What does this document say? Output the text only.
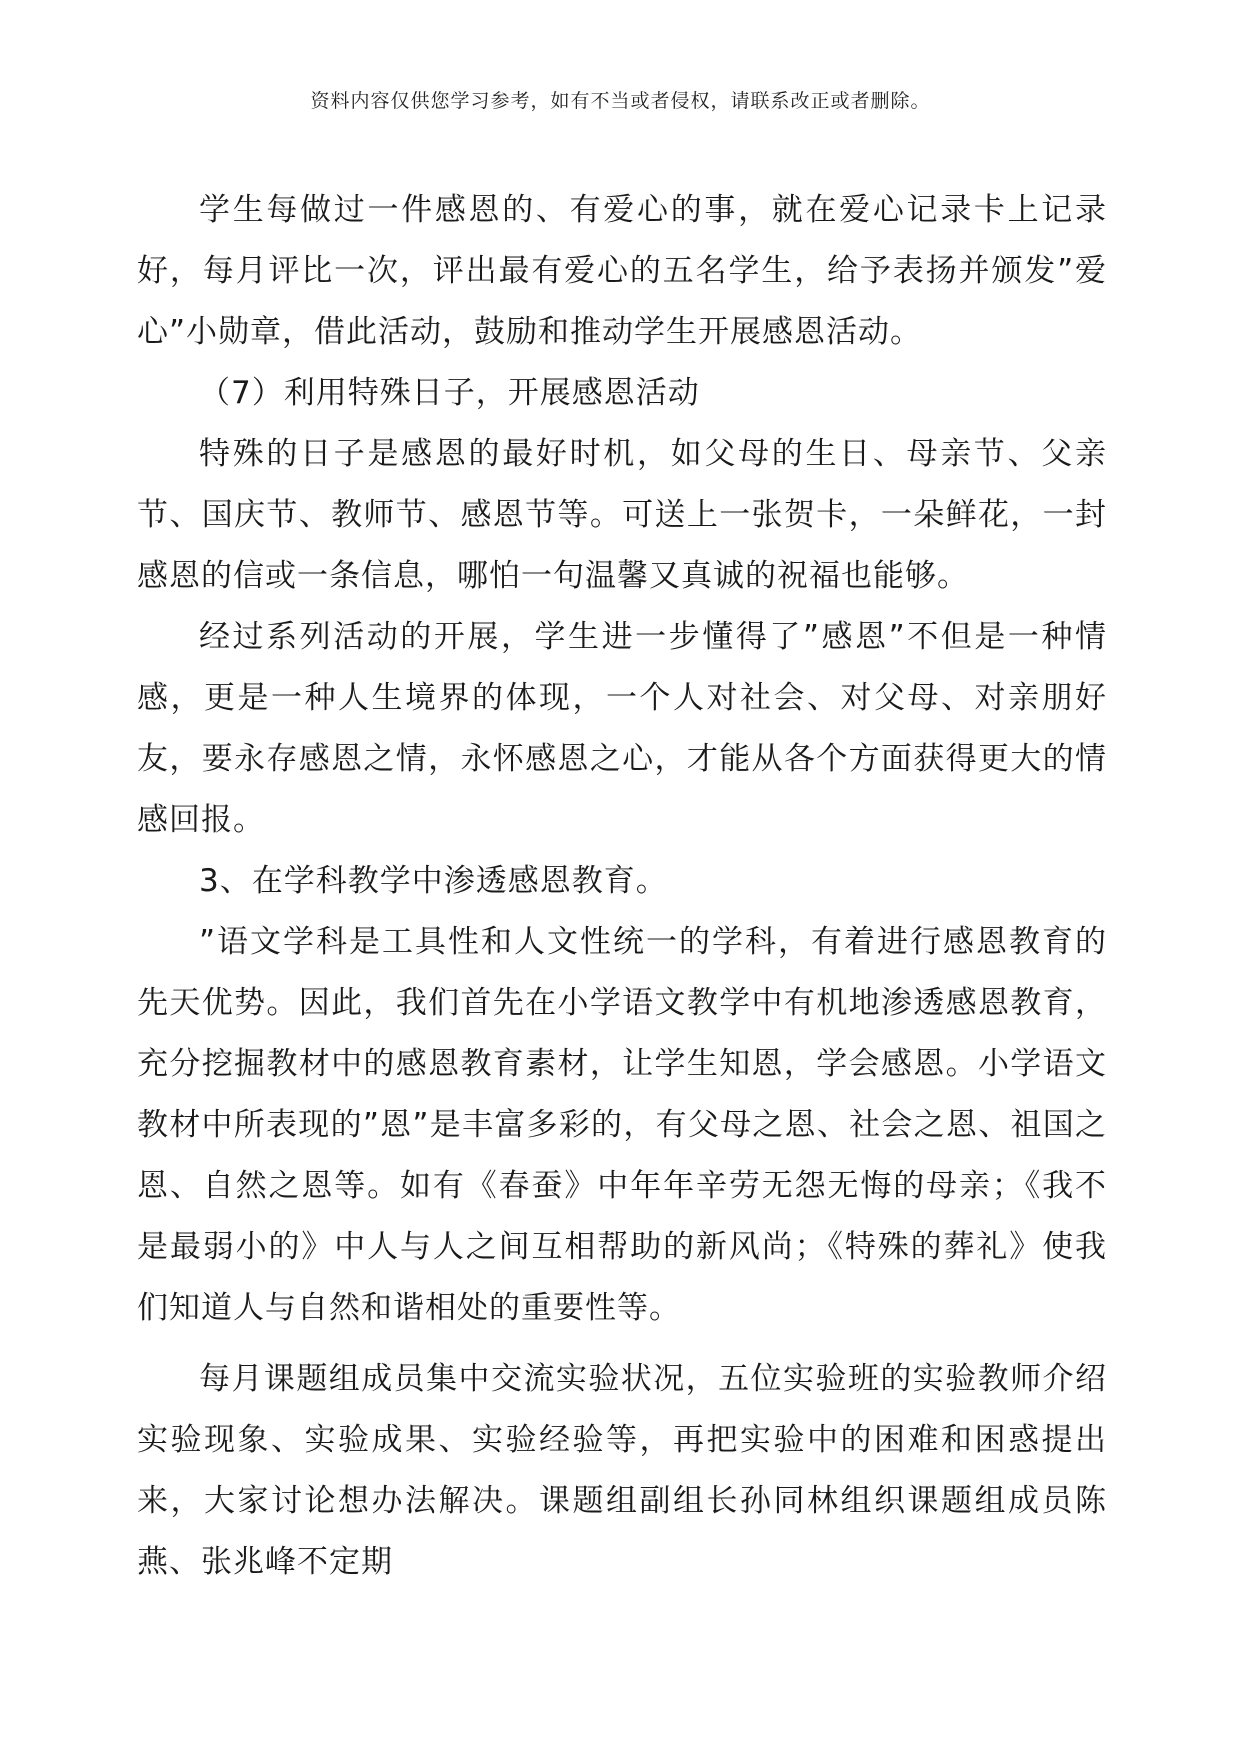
资料内容仅供您学习参考，如有不当或者侵权，请联系改正或者删除。

学生每做过一件感恩的、有爱心的事，就在爱心记录卡上记录好，每月评比一次，评出最有爱心的五名学生，给予表扬并颁发”爱心”小勋章，借此活动，鼓励和推动学生开展感恩活动。

（7）利用特殊日子，开展感恩活动

特殊的日子是感恩的最好时机，如父母的生日、母亲节、父亲节、国庆节、教师节、感恩节等。可送上一张贺卡，一朵鲜花，一封感恩的信或一条信息，哪怕一句温馨又真诚的祝福也能够。

经过系列活动的开展，学生进一步懂得了”感恩”不但是一种情感，更是一种人生境界的体现，一个人对社会、对父母、对亲朋好友，要永存感恩之情，永怀感恩之心，才能从各个方面获得更大的情感回报。

3、在学科教学中渗透感恩教育。

”语文学科是工具性和人文性统一的学科，有着进行感恩教育的先天优势。因此，我们首先在小学语文教学中有机地渗透感恩教育，充分挖掘教材中的感恩教育素材，让学生知恩，学会感恩。小学语文教材中所表现的”恩”是丰富多彩的，有父母之恩、社会之恩、祖国之恩、自然之恩等。如有《春蚕》中年年辛劳无怨无悔的母亲；《我不是最弱小的》中人与人之间互相帮助的新风尚；《特殊的葬礼》使我们知道人与自然和谐相处的重要性等。

每月课题组成员集中交流实验状况，五位实验班的实验教师介绍实验现象、实验成果、实验经验等，再把实验中的困难和困惑提出来，大家讨论想办法解决。课题组副组长孙同林组织课题组成员陈燕、张兆峰不定期
